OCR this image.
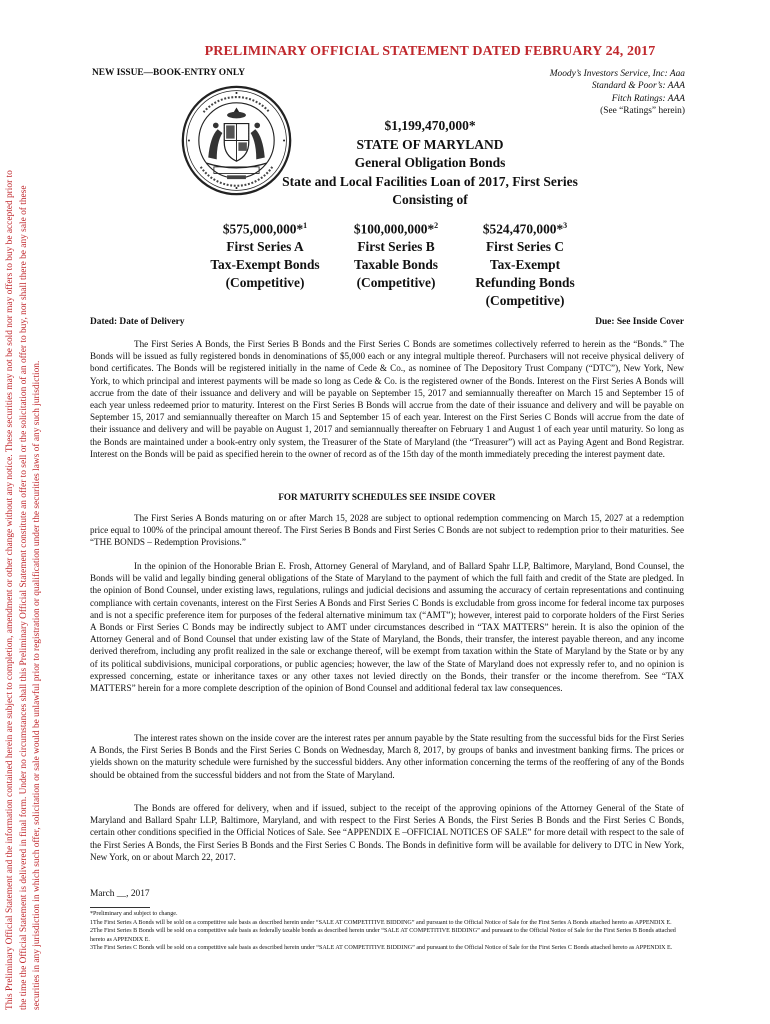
This Preliminary Official Statement and the information contained herein are subject to completion, amendment or other change without any notice. These securities may not be sold nor may offers to buy be accepted prior to the time the Official Statement is delivered in final form. Under no circumstances shall this Preliminary Official Statement constitute an offer to sell or the solicitation of an offer to buy, nor shall there be any sale of these securities in any jurisdiction in which such offer, solicitation or sale would be unlawful prior to registration or qualification under the securities laws of any such jurisdiction.
PRELIMINARY OFFICIAL STATEMENT DATED FEBRUARY 24, 2017
NEW ISSUE—BOOK-ENTRY ONLY	Moody’s Investors Service, Inc: Aaa
Standard & Poor’s: AAA
Fitch Ratings: AAA
(See “Ratings” herein)
$1,199,470,000*
STATE OF MARYLAND
General Obligation Bonds
State and Local Facilities Loan of 2017, First Series
Consisting of
$575,000,000*$^1$
First Series A
Tax-Exempt Bonds
(Competitive)
$100,000,000*$^2$
First Series B
Taxable Bonds
(Competitive)
$524,470,000*$^3$
First Series C
Tax-Exempt
Refunding Bonds
(Competitive)
Dated: Date of Delivery	Due: See Inside Cover

The First Series A Bonds, the First Series B Bonds and the First Series C Bonds are sometimes collectively referred to herein as the “Bonds.” The Bonds will be issued as fully registered bonds in denominations of $5,000 each or any integral multiple thereof. Purchasers will not receive physical delivery of bond certificates. The Bonds will be registered initially in the name of Cede & Co., as nominee of The Depository Trust Company (“DTC”), New York, New York, to which principal and interest payments will be made so long as Cede & Co. is the registered owner of the Bonds. Interest on the First Series A Bonds will accrue from the date of their issuance and delivery and will be payable on September 15, 2017 and semiannually thereafter on March 15 and September 15 of each year unless redeemed prior to maturity. Interest on the First Series B Bonds will accrue from the date of their issuance and delivery and will be payable on September 15, 2017 and semiannually thereafter on March 15 and September 15 of each year. Interest on the First Series C Bonds will accrue from the date of their issuance and delivery and will be payable on August 1, 2017 and semiannually thereafter on February 1 and August 1 of each year until maturity. So long as the Bonds are maintained under a book-entry only system, the Treasurer of the State of Maryland (the “Treasurer”) will act as Paying Agent and Bond Registrar. Interest on the Bonds will be paid as specified herein to the owner of record as of the 15th day of the month immediately preceding the interest payment date.

FOR MATURITY SCHEDULES SEE INSIDE COVER

The First Series A Bonds maturing on or after March 15, 2028 are subject to optional redemption commencing on March 15, 2027 at a redemption price equal to 100% of the principal amount thereof. The First Series B Bonds and First Series C Bonds are not subject to redemption prior to their maturities. See “THE BONDS – Redemption Provisions.”

In the opinion of the Honorable Brian E. Frosh, Attorney General of Maryland, and of Ballard Spahr LLP, Baltimore, Maryland, Bond Counsel, the Bonds will be valid and legally binding general obligations of the State of Maryland to the payment of which the full faith and credit of the State are pledged. In the opinion of Bond Counsel, under existing laws, regulations, rulings and judicial decisions and assuming the accuracy of certain representations and continuing compliance with certain covenants, interest on the First Series A Bonds and First Series C Bonds is excludable from gross income for federal income tax purposes and is not a specific preference item for purposes of the federal alternative minimum tax (“AMT”); however, interest paid to corporate holders of the First Series A Bonds or First Series C Bonds may be indirectly subject to AMT under circumstances described in “TAX MATTERS” herein. It is also the opinion of the Attorney General and of Bond Counsel that under existing law of the State of Maryland, the Bonds, their transfer, the interest payable thereon, and any income derived therefrom, including any profit realized in the sale or exchange thereof, will be exempt from taxation within the State of Maryland by the State or by any of its political subdivisions, municipal corporations, or public agencies; however, the law of the State of Maryland does not expressly refer to, and no opinion is expressed concerning, estate or inheritance taxes or any other taxes not levied directly on the Bonds, their transfer or the income therefrom. See “TAX MATTERS” herein for a more complete description of the opinion of Bond Counsel and additional federal tax law consequences.

The interest rates shown on the inside cover are the interest rates per annum payable by the State resulting from the successful bids for the First Series A Bonds, the First Series B Bonds and the First Series C Bonds on Wednesday, March 8, 2017, by groups of banks and investment banking firms. The prices or yields shown on the maturity schedule were furnished by the successful bidders. Any other information concerning the terms of the reoffering of any of the Bonds should be obtained from the successful bidders and not from the State of Maryland.

The Bonds are offered for delivery, when and if issued, subject to the receipt of the approving opinions of the Attorney General of the State of Maryland and Ballard Spahr LLP, Baltimore, Maryland, and with respect to the First Series A Bonds, the First Series B Bonds and the First Series C Bonds, certain other conditions specified in the Official Notices of Sale. See “APPENDIX E –OFFICIAL NOTICES OF SALE” for more detail with respect to the sale of the First Series A Bonds, the First Series B Bonds and the First Series C Bonds. The Bonds in definitive form will be available for delivery to DTC in New York, New York, on or about March 22, 2017.

March __, 2017

*Preliminary and subject to change.

1The First Series A Bonds will be sold on a competitive sale basis as described herein under “SALE AT COMPETITIVE BIDDING” and pursuant to the Official Notice of Sale for the First Series A Bonds attached hereto as APPENDIX E.

2The First Series B Bonds will be sold on a competitive sale basis as federally taxable bonds as described herein under “SALE AT COMPETITIVE BIDDING” and pursuant to the Official Notice of Sale for the First Series B Bonds attached hereto as APPENDIX E.

3The First Series C Bonds will be sold on a competitive sale basis as described herein under “SALE AT COMPETITIVE BIDDING” and pursuant to the Official Notice of Sale for the First Series C Bonds attached hereto as APPENDIX E.
